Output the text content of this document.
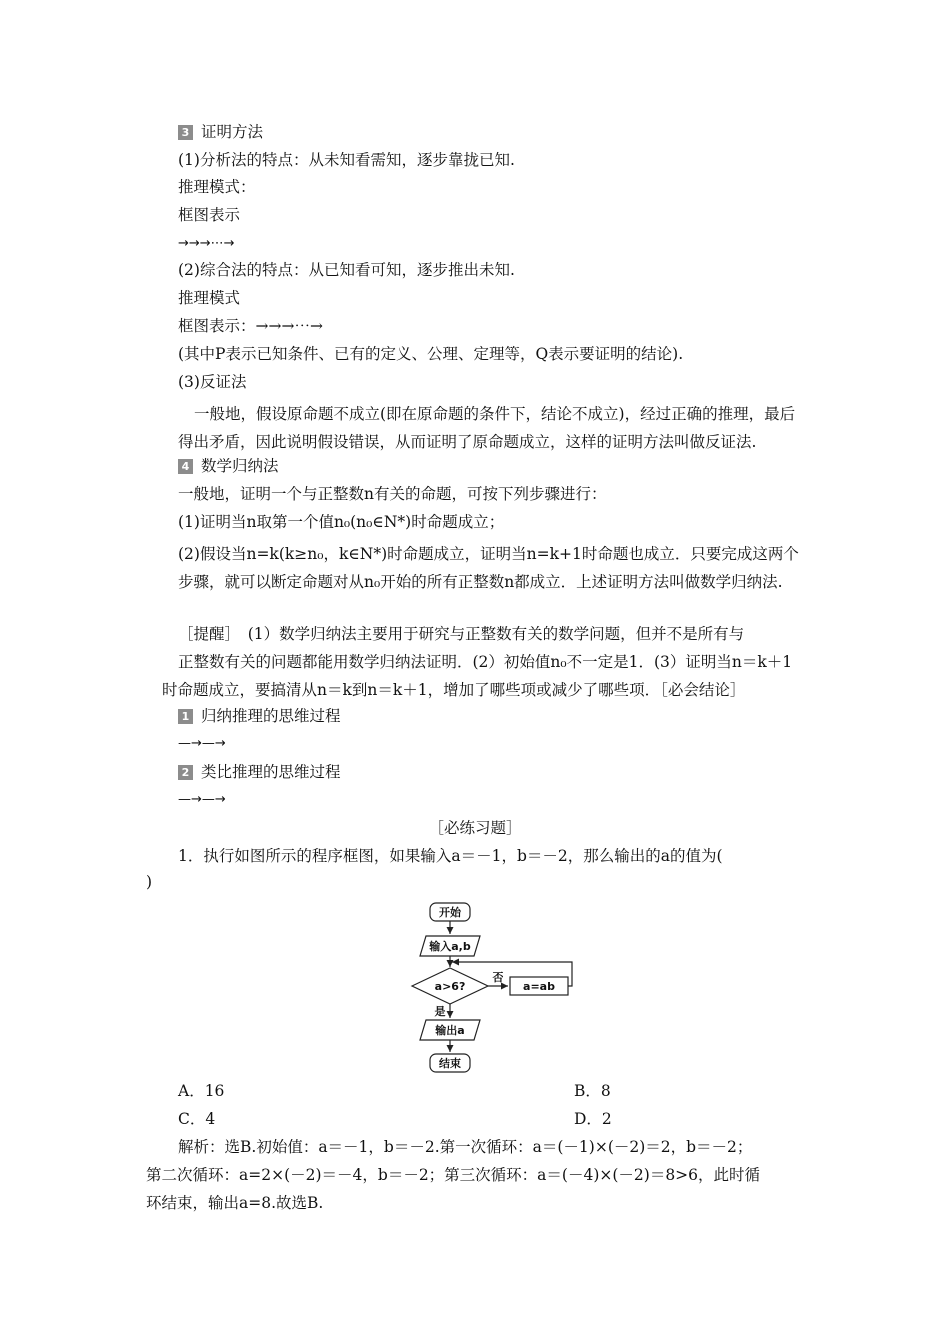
3 证明方法
(1)分析法的特点：从未知看需知，逐步靠拢已知.
推理模式：
框图表示
→→→⋯→
(2)综合法的特点：从已知看可知，逐步推出未知.
推理模式
框图表示：→→→⋯→
(其中P表示已知条件、已有的定义、公理、定理等，Q表示要证明的结论).
(3)反证法
一般地，假设原命题不成立(即在原命题的条件下，结论不成立)，经过正确的推理，最后得出矛盾，因此说明假设错误，从而证明了原命题成立，这样的证明方法叫做反证法.
4 数学归纳法
一般地，证明一个与正整数n有关的命题，可按下列步骤进行：
(1)证明当n取第一个值n₀(n₀∈N*)时命题成立；
(2)假设当n=k(k≥n₀，k∈N*)时命题成立，证明当n=k+1时命题也成立．只要完成这两个步骤，就可以断定命题对从n₀开始的所有正整数n都成立．上述证明方法叫做数学归纳法.
［提醒］　(1）数学归纳法主要用于研究与正整数有关的数学问题，但并不是所有与
正整数有关的问题都能用数学归纳法证明．(2）初始值n₀不一定是1．(3）证明当n＝k＋1
时命题成立，要搞清从n＝k到n＝k＋1，增加了哪些项或减少了哪些项．［必会结论］
1 归纳推理的思维过程
—→—→
2 类比推理的思维过程
—→—→
［必练习题］
1．执行如图所示的程序框图，如果输入a＝－1，b＝－2，那么输出的a的值为(
)
开始
输入a,b
a>6?
否
a=ab
是
输出a
结束
A．16	B．8
C．4	D．2
解析：选B.初始值：a＝－1，b＝－2.第一次循环：a＝(－1)×(－2)＝2，b＝－2；
第二次循环：a=2×(－2)＝－4，b＝－2；第三次循环：a＝(－4)×(－2)＝8>6，此时循
环结束，输出a=8.故选B.
